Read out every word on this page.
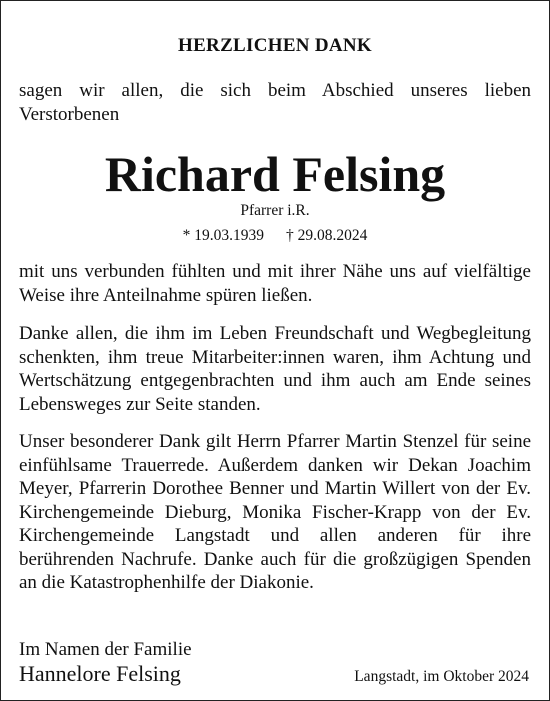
HERZLICHEN DANK

sagen wir allen, die sich beim Abschied unseres lieben Verstorbenen

Richard Felsing
Pfarrer i.R.
* 19.03.1939 † 29.08.2024

mit uns verbunden fühlten und mit ihrer Nähe uns auf vielfältige Weise ihre Anteilnahme spüren ließen.

Danke allen, die ihm im Leben Freundschaft und Wegbegleitung schenkten, ihm treue Mitarbeiter:innen waren, ihm Achtung und Wertschätzung entgegenbrachten und ihm auch am Ende seines Lebensweges zur Seite standen.

Unser besonderer Dank gilt Herrn Pfarrer Martin Stenzel für seine einfühlsame Trauerrede. Außerdem danken wir Dekan Joachim Meyer, Pfarrerin Dorothee Benner und Martin Willert von der Ev. Kirchengemeinde Dieburg, Monika Fischer-Krapp von der Ev. Kirchengemeinde Langstadt und allen anderen für ihre berührenden Nachrufe. Danke auch für die großzügigen Spenden an die Katastrophenhilfe der Diakonie.

Im Namen der Familie
Hannelore Felsing	Langstadt, im Oktober 2024
